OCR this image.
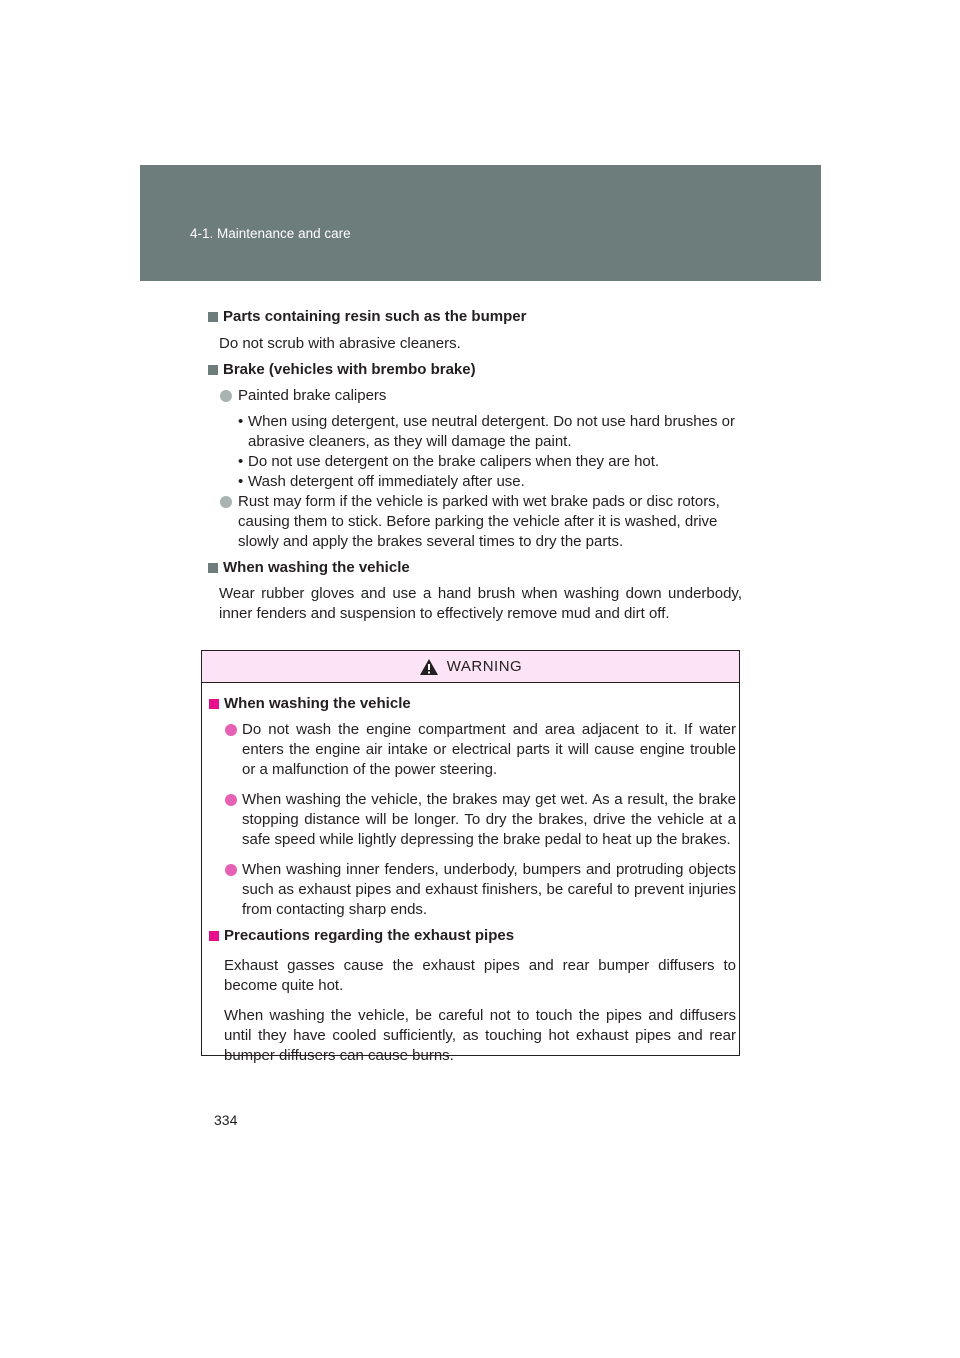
4-1. Maintenance and care
Parts containing resin such as the bumper
Do not scrub with abrasive cleaners.
Brake (vehicles with brembo brake)
Painted brake calipers
• When using detergent, use neutral detergent. Do not use hard brushes or abrasive cleaners, as they will damage the paint.
• Do not use detergent on the brake calipers when they are hot.
• Wash detergent off immediately after use.
Rust may form if the vehicle is parked with wet brake pads or disc rotors, causing them to stick. Before parking the vehicle after it is washed, drive slowly and apply the brakes several times to dry the parts.
When washing the vehicle
Wear rubber gloves and use a hand brush when washing down underbody, inner fenders and suspension to effectively remove mud and dirt off.
WARNING
When washing the vehicle
Do not wash the engine compartment and area adjacent to it. If water enters the engine air intake or electrical parts it will cause engine trouble or a malfunction of the power steering.
When washing the vehicle, the brakes may get wet. As a result, the brake stopping distance will be longer. To dry the brakes, drive the vehicle at a safe speed while lightly depressing the brake pedal to heat up the brakes.
When washing inner fenders, underbody, bumpers and protruding objects such as exhaust pipes and exhaust finishers, be careful to prevent injuries from contacting sharp ends.
Precautions regarding the exhaust pipes
Exhaust gasses cause the exhaust pipes and rear bumper diffusers to become quite hot.
When washing the vehicle, be careful not to touch the pipes and diffusers until they have cooled sufficiently, as touching hot exhaust pipes and rear bumper diffusers can cause burns.
334
